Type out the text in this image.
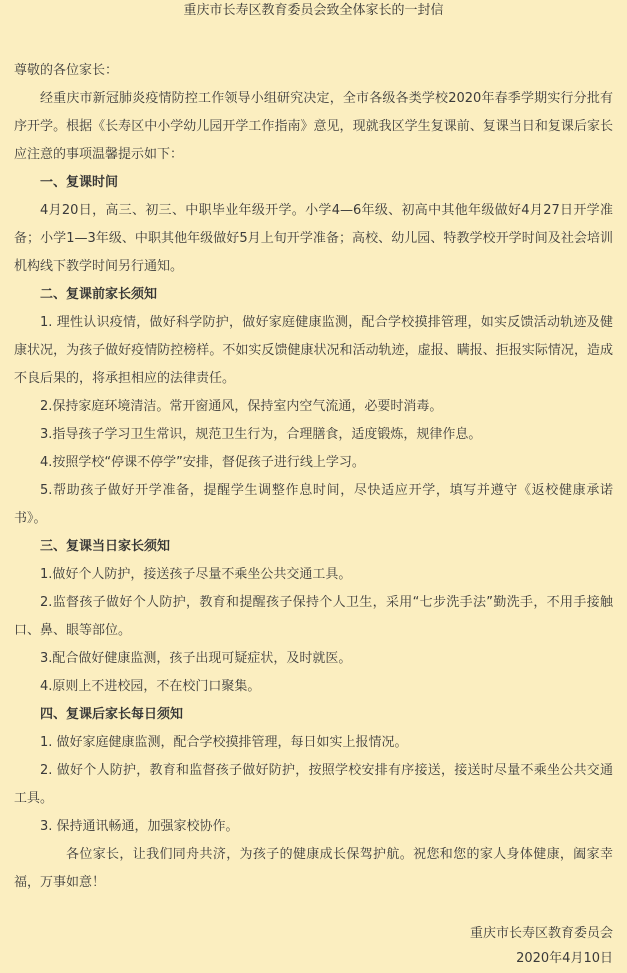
重庆市长寿区教育委员会致全体家长的一封信
尊敬的各位家长：

经重庆市新冠肺炎疫情防控工作领导小组研究决定，全市各级各类学校2020年春季学期实行分批有序开学。根据《长寿区中小学幼儿园开学工作指南》意见，现就我区学生复课前、复课当日和复课后家长应注意的事项温馨提示如下：

一、复课时间

4月20日，高三、初三、中职毕业年级开学。小学4—6年级、初高中其他年级做好4月27日开学准备；小学1—3年级、中职其他年级做好5月上旬开学准备；高校、幼儿园、特教学校开学时间及社会培训机构线下教学时间另行通知。

二、复课前家长须知

1. 理性认识疫情，做好科学防护，做好家庭健康监测，配合学校摸排管理，如实反馈活动轨迹及健康状况，为孩子做好疫情防控榜样。不如实反馈健康状况和活动轨迹，虚报、瞒报、拒报实际情况，造成不良后果的，将承担相应的法律责任。

2.保持家庭环境清洁。常开窗通风，保持室内空气流通，必要时消毒。

3.指导孩子学习卫生常识，规范卫生行为，合理膳食，适度锻炼，规律作息。

4.按照学校“停课不停学”安排，督促孩子进行线上学习。

5.帮助孩子做好开学准备，提醒学生调整作息时间，尽快适应开学，填写并遵守《返校健康承诺书》。

三、复课当日家长须知

1.做好个人防护，接送孩子尽量不乘坐公共交通工具。

2.监督孩子做好个人防护，教育和提醒孩子保持个人卫生，采用“七步洗手法”勤洗手，不用手接触口、鼻、眼等部位。

3.配合做好健康监测，孩子出现可疑症状，及时就医。

4.原则上不进校园，不在校门口聚集。

四、复课后家长每日须知

1. 做好家庭健康监测，配合学校摸排管理，每日如实上报情况。

2. 做好个人防护，教育和监督孩子做好防护，按照学校安排有序接送，接送时尽量不乘坐公共交通工具。

3. 保持通讯畅通，加强家校协作。

各位家长，让我们同舟共济，为孩子的健康成长保驾护航。祝您和您的家人身体健康，阖家幸福，万事如意！

重庆市长寿区教育委员会
2020年4月10日
